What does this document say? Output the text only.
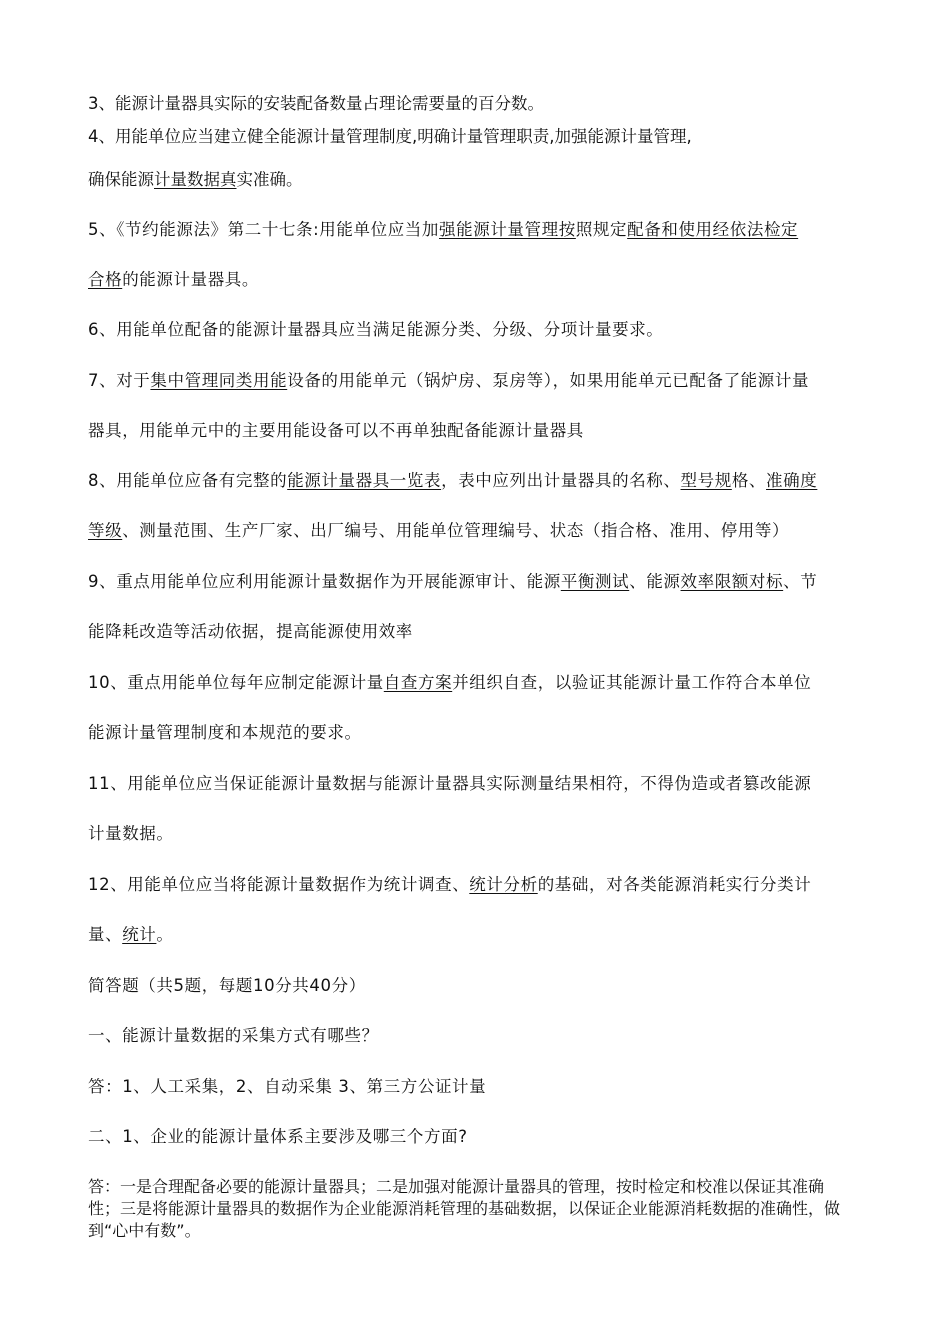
3、能源计量器具实际的安装配备数量占理论需要量的百分数。
4、用能单位应当建立健全能源计量管理制度,明确计量管理职责,加强能源计量管理,
确保能源计量数据真实准确。
5、《节约能源法》第二十七条:用能单位应当加强能源计量管理按照规定配备和使用经依法检定
合格的能源计量器具。
6、用能单位配备的能源计量器具应当满足能源分类、分级、分项计量要求。
7、对于集中管理同类用能设备的用能单元（锅炉房、泵房等），如果用能单元已配备了能源计量
器具，用能单元中的主要用能设备可以不再单独配备能源计量器具
8、用能单位应备有完整的能源计量器具一览表，表中应列出计量器具的名称、型号规格、准确度
等级、测量范围、生产厂家、出厂编号、用能单位管理编号、状态（指合格、准用、停用等）
9、重点用能单位应利用能源计量数据作为开展能源审计、能源平衡测试、能源效率限额对标、节
能降耗改造等活动依据，提高能源使用效率
10、重点用能单位每年应制定能源计量自查方案并组织自查，以验证其能源计量工作符合本单位
能源计量管理制度和本规范的要求。
11、用能单位应当保证能源计量数据与能源计量器具实际测量结果相符，不得伪造或者篡改能源
计量数据。
12、用能单位应当将能源计量数据作为统计调查、统计分析的基础，对各类能源消耗实行分类计
量、统计。
简答题（共5题，每题10分共40分）
一、能源计量数据的采集方式有哪些？
答：1、人工采集，2、自动采集 3、第三方公证计量
二、1、企业的能源计量体系主要涉及哪三个方面?
答：一是合理配备必要的能源计量器具；二是加强对能源计量器具的管理，按时检定和校准以保证其准确性；三是将能源计量器具的数据作为企业能源消耗管理的基础数据，以保证企业能源消耗数据的准确性，做到“心中有数”。
